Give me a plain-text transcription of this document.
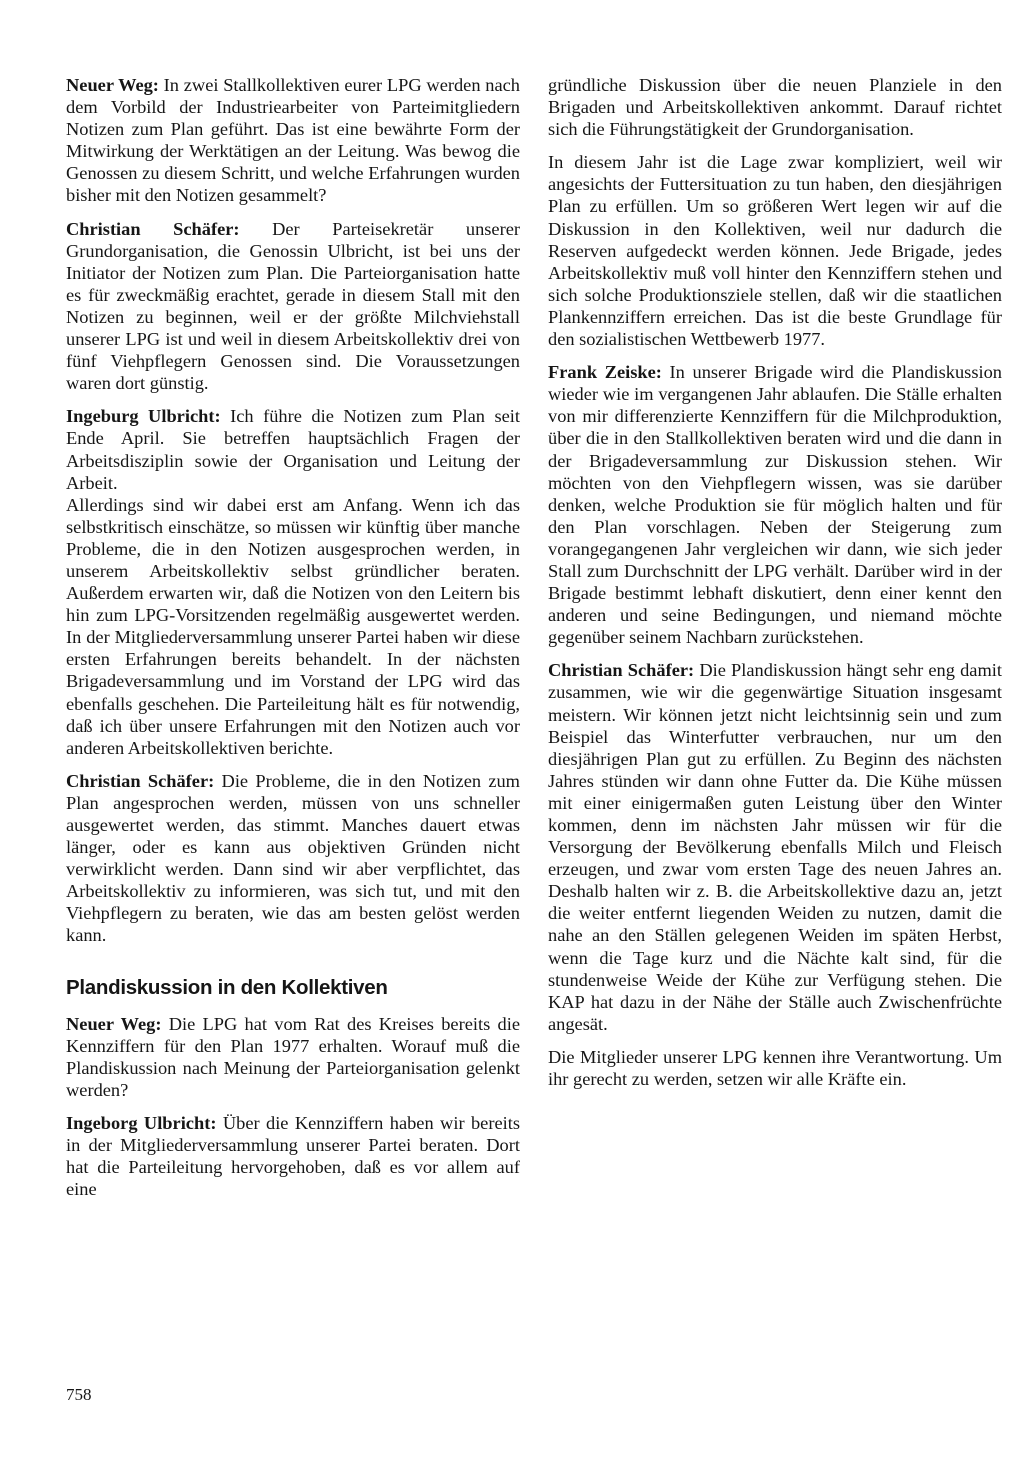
Neuer Weg: In zwei Stallkollektiven eurer LPG werden nach dem Vorbild der Industriearbeiter von Parteimitgliedern Notizen zum Plan geführt. Das ist eine bewährte Form der Mitwirkung der Werktätigen an der Leitung. Was bewog die Genossen zu diesem Schritt, und welche Erfahrungen wurden bisher mit den Notizen gesammelt?

Christian Schäfer: Der Parteisekretär unserer Grundorganisation, die Genossin Ulbricht, ist bei uns der Initiator der Notizen zum Plan. Die Parteiorganisation hatte es für zweckmäßig erachtet, gerade in diesem Stall mit den Notizen zu beginnen, weil er der größte Milchviehstall unserer LPG ist und weil in diesem Arbeitskollektiv drei von fünf Viehpflegern Genossen sind. Die Voraussetzungen waren dort günstig.

Ingeburg Ulbricht: Ich führe die Notizen zum Plan seit Ende April. Sie betreffen hauptsächlich Fragen der Arbeitsdisziplin sowie der Organisation und Leitung der Arbeit.

Allerdings sind wir dabei erst am Anfang. Wenn ich das selbstkritisch einschätze, so müssen wir künftig über manche Probleme, die in den Notizen ausgesprochen werden, in unserem Arbeitskollektiv selbst gründlicher beraten. Außerdem erwarten wir, daß die Notizen von den Leitern bis hin zum LPG-Vorsitzenden regelmäßig ausgewertet werden. In der Mitgliederversammlung unserer Partei haben wir diese ersten Erfahrungen bereits behandelt. In der nächsten Brigadeversammlung und im Vorstand der LPG wird das ebenfalls geschehen. Die Parteileitung hält es für notwendig, daß ich über unsere Erfahrungen mit den Notizen auch vor anderen Arbeitskollektiven berichte.

Christian Schäfer: Die Probleme, die in den Notizen zum Plan angesprochen werden, müssen von uns schneller ausgewertet werden, das stimmt. Manches dauert etwas länger, oder es kann aus objektiven Gründen nicht verwirklicht werden. Dann sind wir aber verpflichtet, das Arbeitskollektiv zu informieren, was sich tut, und mit den Viehpflegern zu beraten, wie das am besten gelöst werden kann.

Plandiskussion in den Kollektiven

Neuer Weg: Die LPG hat vom Rat des Kreises bereits die Kennziffern für den Plan 1977 erhalten. Worauf muß die Plandiskussion nach Meinung der Parteiorganisation gelenkt werden?

Ingeborg Ulbricht: Über die Kennziffern haben wir bereits in der Mitgliederversammlung unserer Partei beraten. Dort hat die Parteileitung hervorgehoben, daß es vor allem auf eine

gründliche Diskussion über die neuen Planziele in den Brigaden und Arbeitskollektiven ankommt. Darauf richtet sich die Führungstätigkeit der Grundorganisation.

In diesem Jahr ist die Lage zwar kompliziert, weil wir angesichts der Futtersituation zu tun haben, den diesjährigen Plan zu erfüllen. Um so größeren Wert legen wir auf die Diskussion in den Kollektiven, weil nur dadurch die Reserven aufgedeckt werden können. Jede Brigade, jedes Arbeitskollektiv muß voll hinter den Kennziffern stehen und sich solche Produktionsziele stellen, daß wir die staatlichen Plankennziffern erreichen. Das ist die beste Grundlage für den sozialistischen Wettbewerb 1977.

Frank Zeiske: In unserer Brigade wird die Plandiskussion wieder wie im vergangenen Jahr ablaufen. Die Ställe erhalten von mir differenzierte Kennziffern für die Milchproduktion, über die in den Stallkollektiven beraten wird und die dann in der Brigadeversammlung zur Diskussion stehen. Wir möchten von den Viehpflegern wissen, was sie darüber denken, welche Produktion sie für möglich halten und für den Plan vorschlagen. Neben der Steigerung zum vorangegangenen Jahr vergleichen wir dann, wie sich jeder Stall zum Durchschnitt der LPG verhält. Darüber wird in der Brigade bestimmt lebhaft diskutiert, denn einer kennt den anderen und seine Bedingungen, und niemand möchte gegenüber seinem Nachbarn zurückstehen.

Christian Schäfer: Die Plandiskussion hängt sehr eng damit zusammen, wie wir die gegenwärtige Situation insgesamt meistern. Wir können jetzt nicht leichtsinnig sein und zum Beispiel das Winterfutter verbrauchen, nur um den diesjährigen Plan gut zu erfüllen. Zu Beginn des nächsten Jahres stünden wir dann ohne Futter da. Die Kühe müssen mit einer einigermaßen guten Leistung über den Winter kommen, denn im nächsten Jahr müssen wir für die Versorgung der Bevölkerung ebenfalls Milch und Fleisch erzeugen, und zwar vom ersten Tage des neuen Jahres an. Deshalb halten wir z. B. die Arbeitskollektive dazu an, jetzt die weiter entfernt liegenden Weiden zu nutzen, damit die nahe an den Ställen gelegenen Weiden im späten Herbst, wenn die Tage kurz und die Nächte kalt sind, für die stundenweise Weide der Kühe zur Verfügung stehen. Die KAP hat dazu in der Nähe der Ställe auch Zwischenfrüchte angesät.

Die Mitglieder unserer LPG kennen ihre Verantwortung. Um ihr gerecht zu werden, setzen wir alle Kräfte ein.

758
